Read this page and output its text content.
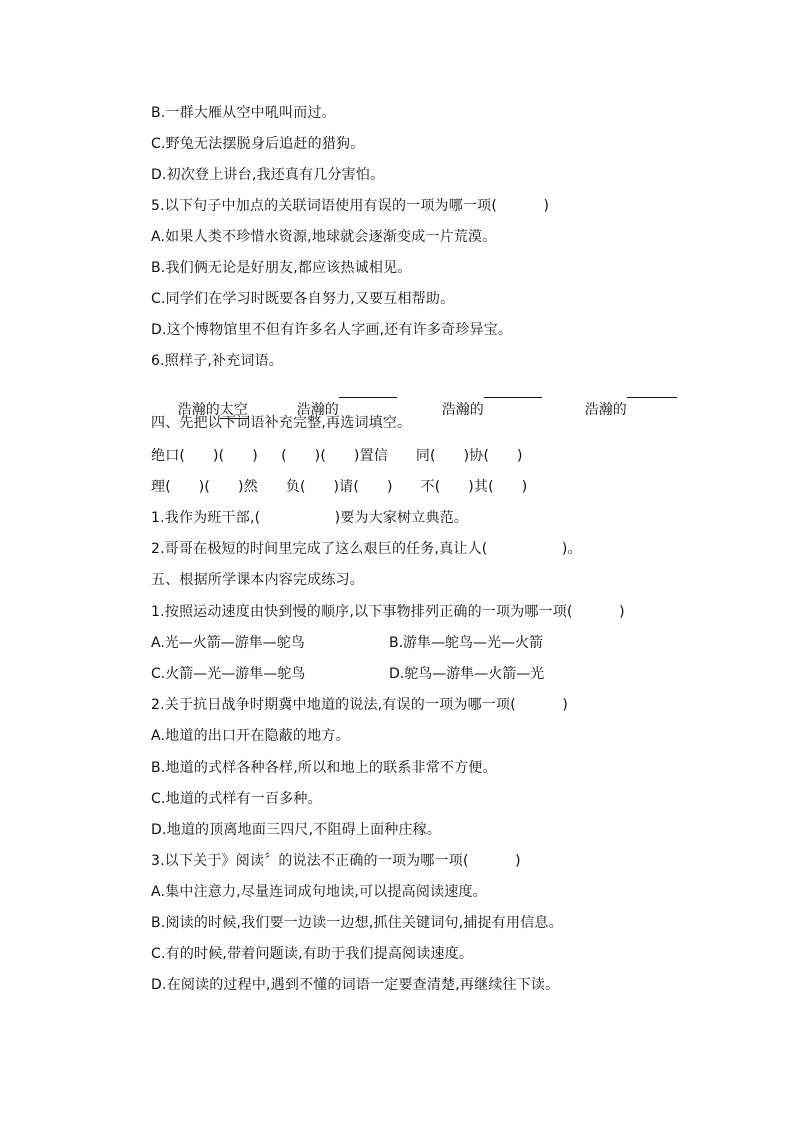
B.一群大雁从空中吼叫而过。
C.野兔无法摆脱身后追赶的猎狗。
D.初次登上讲台,我还真有几分害怕。
5.以下句子中加点的关联词语使用有误的一项为哪一项(          )
A.如果人类不珍惜水资源,地球就会逐渐变成一片荒漠。
B.我们俩无论是好朋友,都应该热诚相见。
C.同学们在学习时既要各自努力,又要互相帮助。
D.这个博物馆里不但有许多名人字画,还有许多奇珍异宝。
6.照样子,补充词语。

浩瀚的太空

	浩瀚的

	浩瀚的

	浩瀚的

四、先把以下词语补充完整,再选词填空。
绝口(      )(      )     (      )(      )置信      同(      )协(      )
理(      )(      )然      负(      )请(      )      不(      )其(      )
1.我作为班干部,(                )要为大家树立典范。
2.哥哥在极短的时间里完成了这么艰巨的任务,真让人(                )。
五、根据所学课本内容完成练习。
1.按照运动速度由快到慢的顺序,以下事物排列正确的一项为哪一项(          )

A.光—火箭—游隼—鸵鸟

	B.游隼—鸵鸟—光—火箭

C.火箭—光—游隼—鸵鸟

	D.鸵鸟—游隼—火箭—光

2.关于抗日战争时期冀中地道的说法,有误的一项为哪一项(          )
A.地道的出口开在隐蔽的地方。
B.地道的式样各种各样,所以和地上的联系非常不方便。
C.地道的式样有一百多种。
D.地道的顶离地面三四尺,不阻碍上面种庄稼。
3.以下关于》阅读〞的说法不正确的一项为哪一项(          )
A.集中注意力,尽量连词成句地读,可以提高阅读速度。
B.阅读的时候,我们要一边读一边想,抓住关键词句,捕捉有用信息。
C.有的时候,带着问题读,有助于我们提高阅读速度。
D.在阅读的过程中,遇到不懂的词语一定要查清楚,再继续往下读。
